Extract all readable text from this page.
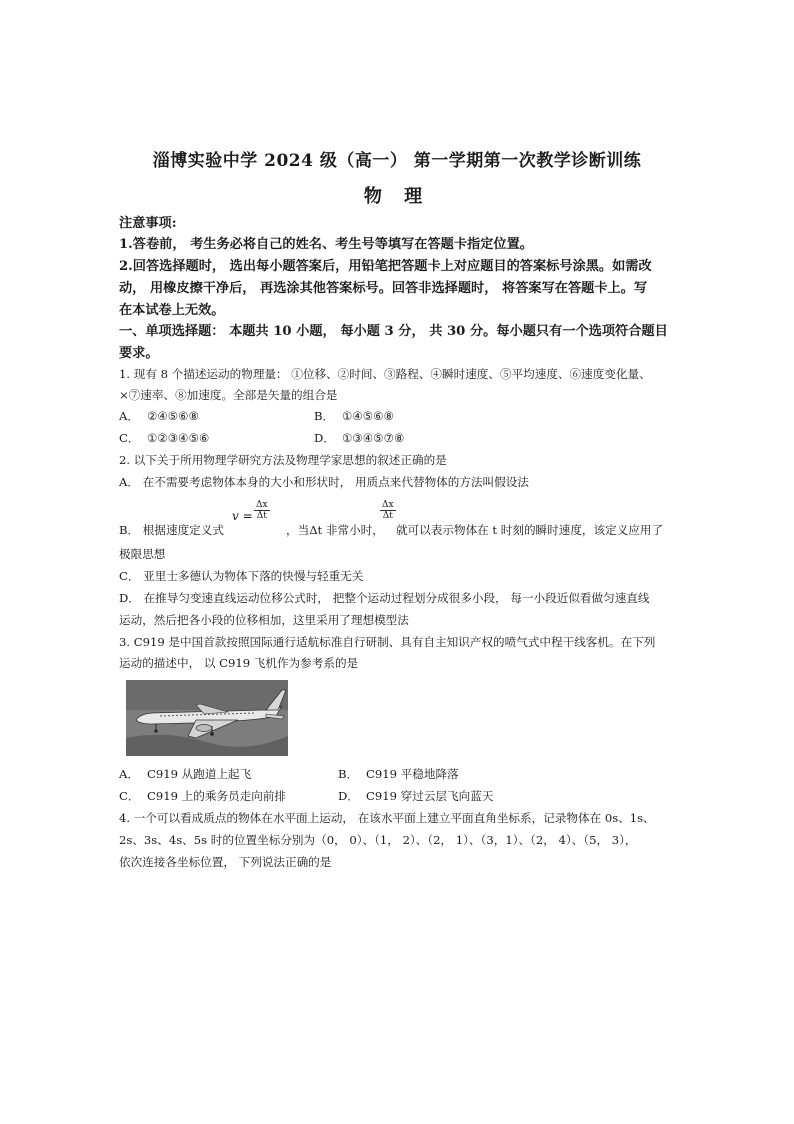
淄博实验中学 2024 级（高一） 第一学期第一次教学诊断训练
物 理
注意事项:
1.答卷前， 考生务必将自己的姓名、考生号等填写在答题卡指定位置。
2.回答选择题时， 选出每小题答案后，用铅笔把答题卡上对应题目的答案标号涂黑。如需改
动， 用橡皮擦干净后， 再选涂其他答案标号。回答非选择题时， 将答案写在答题卡上。写
在本试卷上无效。
一、单项选择题： 本题共 10 小题， 每小题 3 分， 共 30 分。每小题只有一个选项符合题目
要求。
1. 现有 8 个描述运动的物理量： ①位移、②时间、③路程、④瞬时速度、⑤平均速度、⑥速度变化量、
×⑦速率、⑧加速度。全部是矢量的组合是
A． ②④⑤⑥⑧	B． ①④⑤⑥⑧
C． ①②③④⑤⑥	D． ①③④⑤⑦⑧
2. 以下关于所用物理学研究方法及物理学家思想的叙述正确的是
A． 在不需要考虑物体本身的大小和形状时， 用质点来代替物体的方法叫假设法
B． 根据速度定义式
$v = \frac{\Delta x}{\Delta t}$
，当Δt 非常小时，
$\frac{\Delta x}{\Delta t}$
就可以表示物体在 t 时刻的瞬时速度，该定义应用了
极限思想
C． 亚里士多德认为物体下落的快慢与轻重无关
D． 在推导匀变速直线运动位移公式时， 把整个运动过程划分成很多小段， 每一小段近似看做匀速直线
运动，然后把各小段的位移相加，这里采用了理想模型法
3. C919 是中国首款按照国际通行适航标准自行研制、具有自主知识产权的喷气式中程干线客机。在下列
运动的描述中， 以 C919 飞机作为参考系的是
A． C919 从跑道上起飞	B． C919 平稳地降落
C． C919 上的乘务员走向前排	D． C919 穿过云层飞向蓝天
4. 一个可以看成质点的物体在水平面上运动， 在该水平面上建立平面直角坐标系，记录物体在 0s、1s、
2s、3s、4s、5s 时的位置坐标分别为（0， 0）、（1， 2）、（2， 1）、（3，1）、（2， 4）、（5， 3），
依次连接各坐标位置， 下列说法正确的是
